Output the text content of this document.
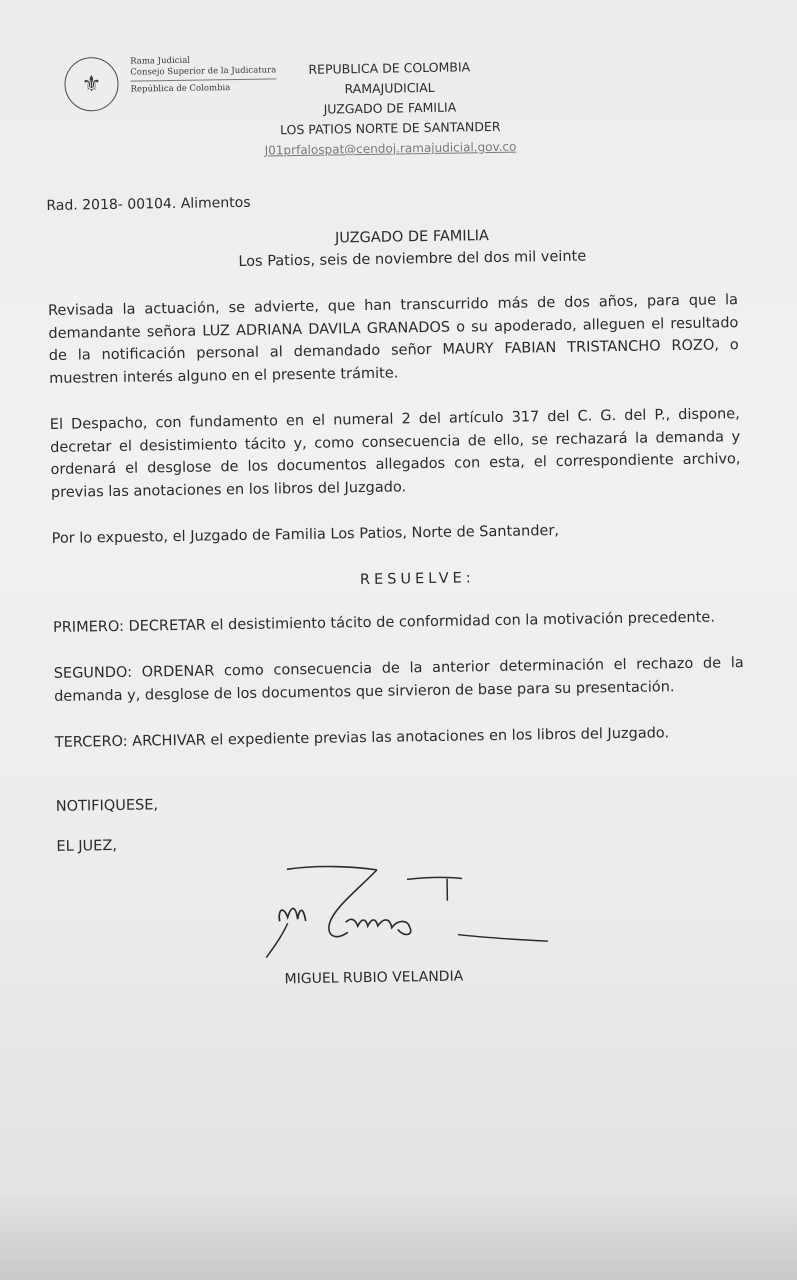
⚜
Rama Judicial
Consejo Superior de la Judicatura
República de Colombia
REPUBLICA DE COLOMBIA
RAMAJUDICIAL
JUZGADO DE FAMILIA
LOS PATIOS NORTE DE SANTANDER
J01prfalospat@cendoj.ramajudicial.gov.co
Rad. 2018- 00104. Alimentos
JUZGADO DE FAMILIA
Los Patios, seis de noviembre del dos mil veinte

Revisada la actuación, se advierte, que han transcurrido más de dos años, para que la demandante señora LUZ ADRIANA DAVILA GRANADOS o su apoderado, alleguen el resultado de la notificación personal al demandado señor MAURY FABIAN TRISTANCHO ROZO, o muestren interés alguno en el presente trámite.

El Despacho, con fundamento en el numeral 2 del artículo 317 del C. G. del P., dispone, decretar el desistimiento tácito y, como consecuencia de ello, se rechazará la demanda y ordenará el desglose de los documentos allegados con esta, el correspondiente archivo, previas las anotaciones en los libros del Juzgado.

Por lo expuesto, el Juzgado de Familia Los Patios, Norte de Santander,

RESUELVE:

PRIMERO: DECRETAR el desistimiento tácito de conformidad con la motivación precedente.

SEGUNDO: ORDENAR como consecuencia de la anterior determinación el rechazo de la demanda y, desglose de los documentos que sirvieron de base para su presentación.

TERCERO: ARCHIVAR el expediente previas las anotaciones en los libros del Juzgado.

NOTIFIQUESE,
EL JUEZ,
MIGUEL RUBIO VELANDIA
